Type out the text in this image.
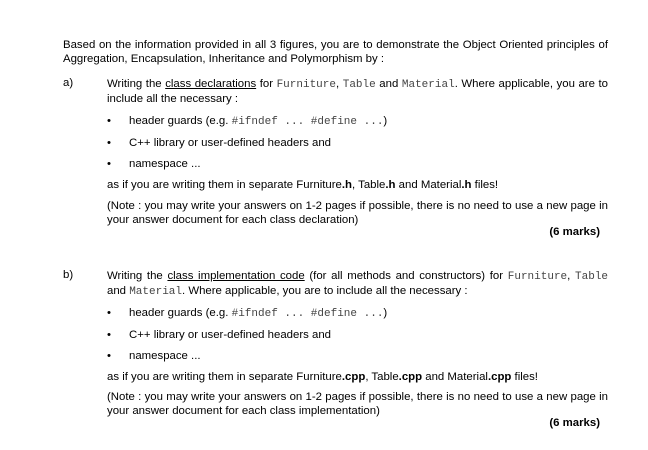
Based on the information provided in all 3 figures, you are to demonstrate the Object Oriented principles of Aggregation, Encapsulation, Inheritance and Polymorphism by :
a)	Writing the class declarations for Furniture, Table and Material. Where applicable, you are to include all the necessary :
• header guards (e.g. #ifndef ... #define ...)
• C++ library or user-defined headers and
• namespace ...
as if you are writing them in separate Furniture.h, Table.h and Material.h files!
(Note : you may write your answers on 1-2 pages if possible, there is no need to use a new page in your answer document for each class declaration)
(6 marks)
b)	Writing the class implementation code (for all methods and constructors) for Furniture, Table and Material. Where applicable, you are to include all the necessary :
• header guards (e.g. #ifndef ... #define ...)
• C++ library or user-defined headers and
• namespace ...
as if you are writing them in separate Furniture.cpp, Table.cpp and Material.cpp files!
(Note : you may write your answers on 1-2 pages if possible, there is no need to use a new page in your answer document for each class implementation)
(6 marks)
